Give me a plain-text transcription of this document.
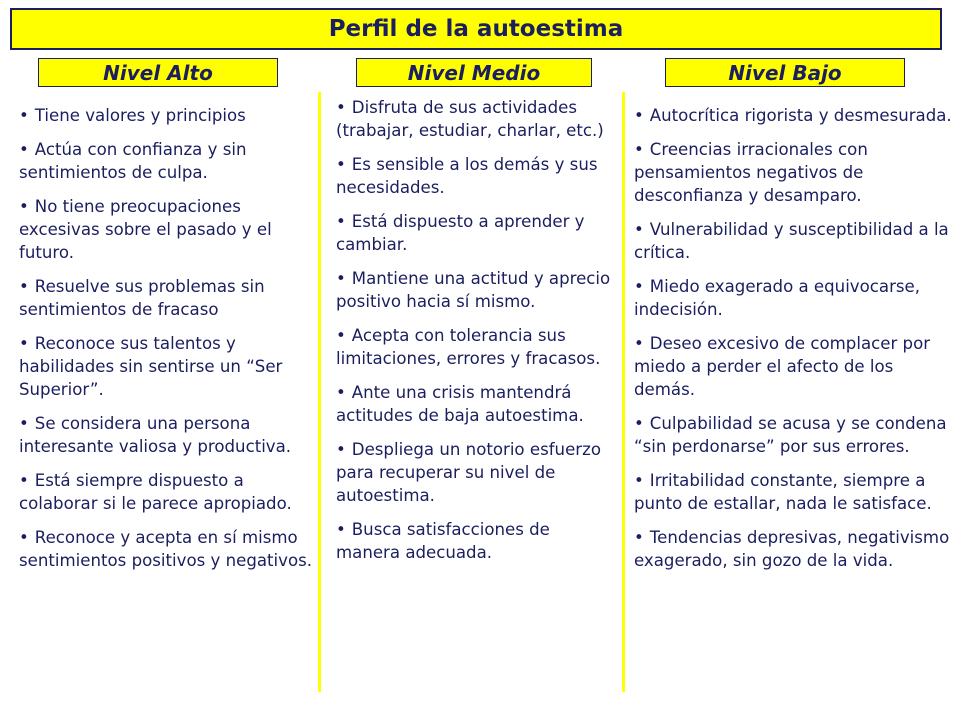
Perfil de la autoestima
Nivel Alto	Nivel Medio	Nivel Bajo

• Tiene valores y principios

• Actúa con confianza y sin sentimientos de culpa.

• No tiene preocupaciones excesivas sobre el pasado y el futuro.

• Resuelve sus problemas sin sentimientos de fracaso

• Reconoce sus talentos y habilidades sin sentirse un “Ser Superior”.

• Se considera una persona interesante valiosa y productiva.

• Está siempre dispuesto a colaborar si le parece apropiado.

• Reconoce y acepta en sí mismo sentimientos positivos y negativos.

• Disfruta de sus actividades (trabajar, estudiar, charlar, etc.)

• Es sensible a los demás y sus necesidades.

• Está dispuesto a aprender y cambiar.

• Mantiene una actitud y aprecio positivo hacia sí mismo.

• Acepta con tolerancia sus limitaciones, errores y fracasos.

• Ante una crisis mantendrá actitudes de baja autoestima.

• Despliega un notorio esfuerzo para recuperar su nivel de autoestima.

• Busca satisfacciones de manera adecuada.

• Autocrítica rigorista y desmesurada.

• Creencias irracionales con pensamientos negativos de desconfianza y desamparo.

• Vulnerabilidad y susceptibilidad a la crítica.

• Miedo exagerado a equivocarse, indecisión.

• Deseo excesivo de complacer por miedo a perder el afecto de los demás.

• Culpabilidad se acusa y se condena “sin perdonarse” por sus errores.

• Irritabilidad constante, siempre a punto de estallar, nada le satisface.

• Tendencias depresivas, negativismo exagerado, sin gozo de la vida.
